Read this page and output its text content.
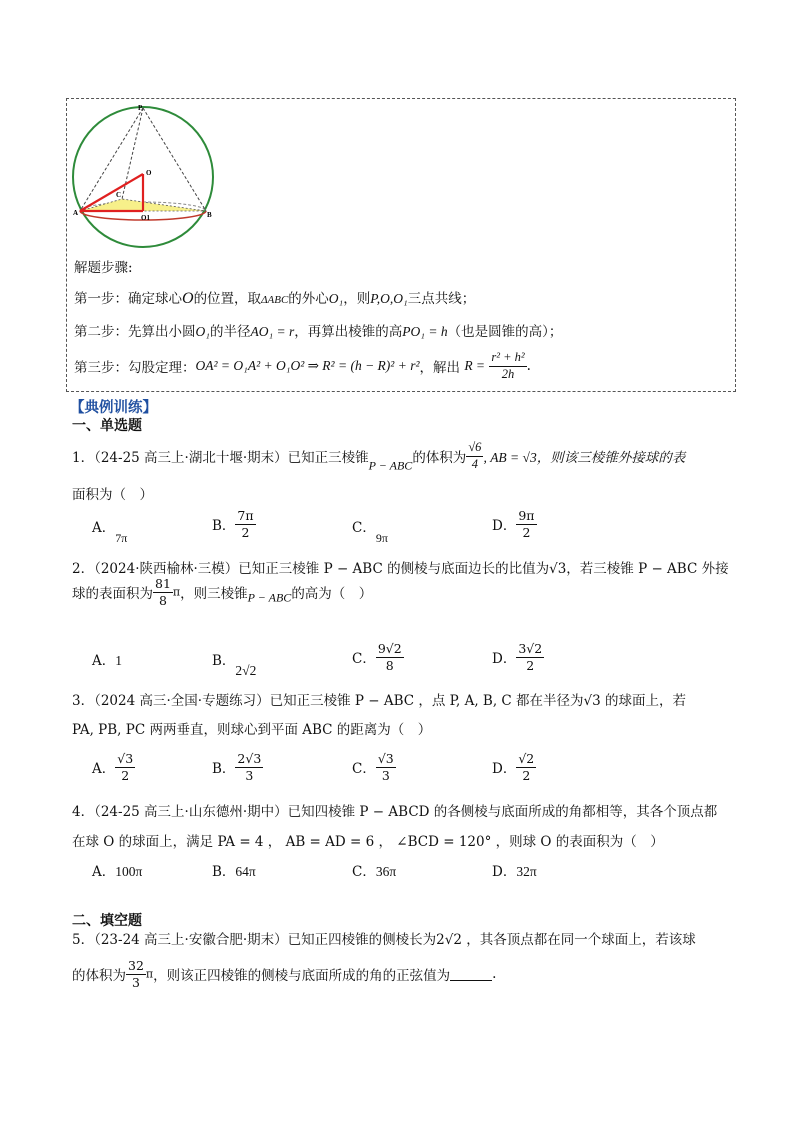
P
O
C
A
O1	B
解题步骤:
第一步：确定球心O的位置，取ΔABC的外心O₁，则P,O,O₁三点共线；
第二步：先算出小圆O₁的半径AO₁ = r，再算出棱锥的高PO₁ = h（也是圆锥的高）；
第三步：勾股定理：OA² = O₁A² + O₁O² ⇒ R² = (h − R)² + r²，解出 $R = \frac{\text{r² + h²}}{2h}$ .
【典例训练】
一、单选题
1．（24-25 高三上·湖北十堰·期末）已知正三棱锥P − ABC的体积为 $\frac{√6}{4}$ , AB = √3，则该三棱锥外接球的表
面积为（　）
A．7π
B． $\frac{7\pi}{2}$	C．9π
D． $\frac{9\pi}{2}$
2．（2024·陕西榆林·三模）已知正三棱锥 P − ABC 的侧棱与底面边长的比值为√3，若三棱锥 P − ABC 外接
球的表面积为 $\frac{81}{8}$ π，则三棱锥P − ABC的高为（　）
A．1	B．2√2
C． $\frac{9√2}{8}$	D． $\frac{3√2}{2}$
3．（2024 高三·全国·专题练习）已知正三棱锥 P − ABC ，点 P, A, B, C 都在半径为√3 的球面上，若
PA, PB, PC 两两垂直，则球心到平面 ABC 的距离为（　）
A． $\frac{√3}{2}$	B． $\frac{2√3}{3}$	C． $\frac{√3}{3}$	D． $\frac{√2}{2}$
4．（24-25 高三上·山东德州·期中）已知四棱锥 P − ABCD 的各侧棱与底面所成的角都相等，其各个顶点都
在球 O 的球面上，满足 PA = 4 ， AB = AD = 6 ， ∠BCD = 120° ，则球 O 的表面积为（　）
A．100π	B．64π	C．36π	D．32π
二、填空题
5．（23-24 高三上·安徽合肥·期末）已知正四棱锥的侧棱长为2√2 ，其各顶点都在同一个球面上，若该球
的体积为 $\frac{32}{3}$ π，则该正四棱锥的侧棱与底面所成的角的正弦值为	.
